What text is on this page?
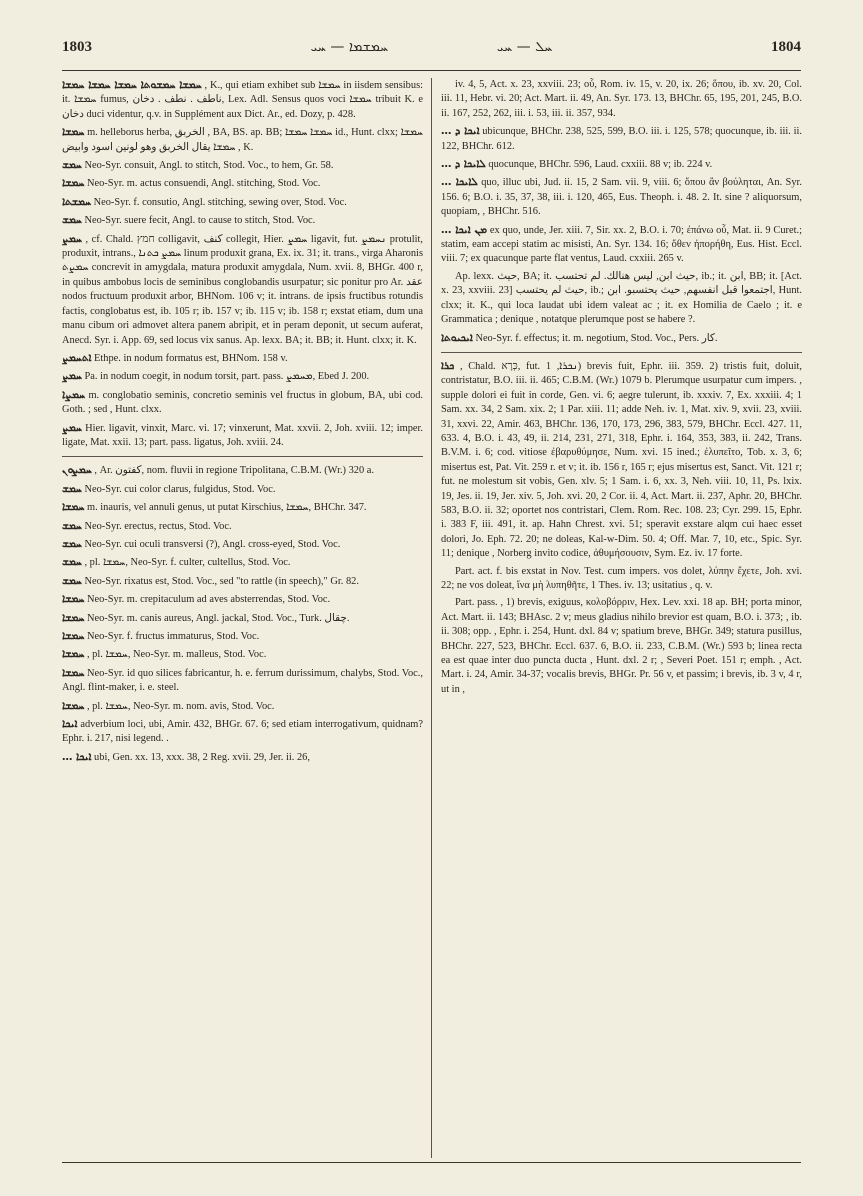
1803	ܚܡܫܡܐ — ܚܝ	ܚܠ — ܚܝ	1804

ܚܡܫܐ ܚܡܫܘܬܐ ܚܡܫܐ ܚܡܫܐ ܚܡܫܐ , K., qui etiam exhibet sub ܚܡܫܐ in iisdem sensibus: it. ܚܡܫܐ fumus, ناطف . نطف . دخان, Lex. Adl. Sensus quos voci ܚܡܫܐ tribuit K. e دخان duci videntur, q.v. in Supplément aux Dict. Ar., ed. Dozy, p. 428.

ܚܡܫܐ m. helleborus herba, الخربق , BA, BS. ap. BB; ܚܡܫܐ ܚܡܫܐ id., Hunt. clxx; ܚܡܫܐ ܚܡܫܐ يقال الخربق وهو لونين اسود وابيض , K.

ܚܡܫ Neo-Syr. consuit, Angl. to stitch, Stod. Voc., to hem, Gr. 58.

ܚܡܫܐ Neo-Syr. m. actus consuendi, Angl. stitching, Stod. Voc.

ܚܡܫܬܐ Neo-Syr. f. consutio, Angl. stitching, sewing over, Stod. Voc.

ܚܡܫ Neo-Syr. suere fecit, Angl. to cause to stitch, Stod. Voc.

ܚܡܨ , cf. Chald. חמץ colligavit, كنف collegit, Hier. ܚܡܨ ligavit, fut. ܢܚܡܨ protulit, produxit, intrans., ܚܡܨ ܟܬܢܐ linum produxit grana, Ex. ix. 31; it. trans., virga Aharonis ܚܡܨܬ concrevit in amygdala, matura produxit amygdala, Num. xvii. 8, BHGr. 400 r, in quibus ambobus locis de seminibus conglobandis usurpatur; sic ponitur pro Ar. عقد nodos fructuum produxit arbor, BHNom. 106 v; it. intrans. de ipsis fructibus rotundis factis, conglobatus est, ib. 105 r; ib. 157 v; ib. 115 v; ib. 158 r; exstat etiam, dum una manu cibum ori admovet altera panem abripit, et in peram deponit, ut secum auferat, Anecd. Syr. i. App. 69, sed locus vix sanus. Ap. lexx. BA; it. BB; it. Hunt. clxx; it. K.

ܐܬܚܡܨ Ethpe. in nodum formatus est, BHNom. 158 v.

ܚܡܨ Pa. in nodum coegit, in nodum torsit, part. pass. ܡܚܡܨ, Ebed J. 200.

ܚܡܨܐ m. conglobatio seminis, concretio seminis vel fructus in globum, BA, ubi cod. Goth. ; sed , Hunt. clxx.

ܚܡܨ Hier. ligavit, vinxit, Marc. vi. 17; vinxerunt, Mat. xxvii. 2, Joh. xviii. 12; imper. ligate, Mat. xxii. 13; part. pass. ligatus, Joh. xviii. 24.

ܚܡܨܘܢ , Ar. كفتون, nom. fluvii in regione Tripolitana, C.B.M. (Wr.) 320 a.

ܚܡܫ Neo-Syr. cui color clarus, fulgidus, Stod. Voc.

ܚܡܫܐ m. inauris, vel annuli genus, ut putat Kirschius, ܚܡܫܐ, BHChr. 347.

ܚܡܫ Neo-Syr. erectus, rectus, Stod. Voc.

ܚܡܫ Neo-Syr. cui oculi transversi (?), Angl. cross-eyed, Stod. Voc.

ܚܡܫ , pl. ܚܡܫܐ, Neo-Syr. f. culter, cultellus, Stod. Voc.

ܚܡܫ Neo-Syr. rixatus est, Stod. Voc., sed "to rattle (in speech)," Gr. 82.

ܚܡܫܐ Neo-Syr. m. crepitaculum ad aves absterrendas, Stod. Voc.

ܚܡܫܐ Neo-Syr. m. canis aureus, Angl. jackal, Stod. Voc., Turk. چقال.

ܚܡܫܐ Neo-Syr. f. fructus immaturus, Stod. Voc.

ܚܡܫܐ , pl. ܚܡܫܐ, Neo-Syr. m. malleus, Stod. Voc.

ܚܡܫܐ Neo-Syr. id quo silices fabricantur, h. e. ferrum durissimum, chalybs, Stod. Voc., Angl. flint-maker, i. e. steel.

ܚܡܫܐ , pl. ܚܡܫܐ, Neo-Syr. m. nom. avis, Stod. Voc.

ܐܝܟܐ adverbium loci, ubi, Amir. 432, BHGr. 67. 6; sed etiam interrogativum, quidnam? Ephr. i. 217, nisi legend. .

… ܐܝܟܐ ubi, Gen. xx. 13, xxx. 38, 2 Reg. xvii. 29, Jer. ii. 26,

iv. 4, 5, Act. x. 23, xxviii. 23; οὗ, Rom. iv. 15, v. 20, ix. 26; ὅπου, ib. xv. 20, Col. iii. 11, Hebr. vi. 20; Act. Mart. ii. 49, An. Syr. 173. 13, BHChr. 65, 195, 201, 245, B.O. ii. 167, 252, 262, iii. i. 53, iii. ii. 357, 934.

… ܐܝܟܐ ܕ ubicunque, BHChr. 238, 525, 599, B.O. iii. i. 125, 578; quocunque, ib. iii. ii. 122, BHChr. 612.

… ܠܐܝܟܐ ܕ quocunque, BHChr. 596, Laud. cxxiii. 88 v; ib. 224 v.

… ܠܐܝܟܐ quo, illuc ubi, Jud. ii. 15, 2 Sam. vii. 9, viii. 6; ὅπου ἂν βούληται, An. Syr. 156. 6; B.O. i. 35, 37, 38, iii. i. 120, 465, Eus. Theoph. i. 48. 2. It. sine ? aliquorsum, quopiam, , BHChr. 516.

… ܡܢ ܐܝܟܐ ex quo, unde, Jer. xiii. 7, Sir. xx. 2, B.O. i. 70; ἐπάνω οὗ, Mat. ii. 9 Curet.; statim, eam accepi statim ac misisti, An. Syr. 134. 16; ὅθεν ἠπορήθη, Eus. Hist. Eccl. viii. 7; ex quacunque parte flat ventus, Laud. cxxiii. 265 v.

Ap. lexx. حيث, BA; it. حيث ابن, ليس هنالك. لم تحتسب, ib.; it. ابن, BB; it. [Act. x. 23, xxviii. 23] حيث لم يحتسب, ib.; اجتمعوا قبل انفسهم, حيث يحتسبو. ابن, Hunt. clxx; it. K., qui loca laudat ubi idem valeat ac ; it. ex Homilia de Caelo ; it. e Grammatica ; denique , notatque plerumque post se habere ?.

ܐܝܟܝܘܬܐ Neo-Syr. f. effectus; it. m. negotium, Stod. Voc., Pers. كار.

ܟܪܐ , Chald. כְּרָא, fut. ܢܟܪܐ, 1) brevis fuit, Ephr. iii. 359. 2) tristis fuit, doluit, contristatur, B.O. iii. ii. 465; C.B.M. (Wr.) 1079 b. Plerumque usurpatur cum impers. , supple dolori ei fuit in corde, Gen. vi. 6; aegre tulerunt, ib. xxxiv. 7, Ex. xxxiii. 4; 1 Sam. xx. 34, 2 Sam. xix. 2; 1 Par. xiii. 11; adde Neh. iv. 1, Mat. xiv. 9, xvii. 23, xviii. 31, xxvi. 22, Amir. 463, BHChr. 136, 170, 173, 296, 383, 579, BHChr. Eccl. 427. 11, 633. 4, B.O. i. 43, 49, ii. 214, 231, 271, 318, Ephr. i. 164, 353, 383, ii. 242, Trans. B.V.M. i. 6; cod. vitiose ἐβαρυθύμησε, Num. xvi. 15 ined.; ἐλυπεῖτο, Tob. x. 3, 6; misertus est, Pat. Vit. 259 r. et v; it. ib. 156 r, 165 r; ejus misertus est, Sanct. Vit. 121 r; fut. ne molestum sit vobis, Gen. xlv. 5; 1 Sam. i. 6, xx. 3, Neh. viii. 10, 11, Ps. lxix. 19, Jes. ii. 19, Jer. xiv. 5, Joh. xvi. 20, 2 Cor. ii. 4, Act. Mart. ii. 237, Aphr. 20, BHChr. 583, B.O. ii. 32; oportet nos contristari, Clem. Rom. Rec. 108. 23; Cyr. 299. 15, Ephr. i. 383 F, iii. 491, it. ap. Hahn Chrest. xvi. 51; speravit exstare alqm cui haec esset dolori, Jo. Eph. 72. 20; ne doleas, Kal-w-Dim. 50. 4; Off. Mar. 7, 10, etc., Spic. Syr. 11; denique , Norberg invito codice, ἀθυμήσουσιν, Sym. Ez. iv. 17 forte.

Part. act. f. bis exstat in Nov. Test. cum impers. vos dolet, λύπην ἔχετε, Joh. xvi. 22; ne vos doleat, ἵνα μὴ λυπηθῆτε, 1 Thes. iv. 13; usitatius , q. v.

Part. pass. , 1) brevis, exiguus, κολοβόρριν, Hex. Lev. xxi. 18 ap. BH; porta minor, Act. Mart. ii. 143; BHAsc. 2 v; meus gladius nihilo brevior est quam, B.O. i. 373; , ib. ii. 308; opp. , Ephr. i. 254, Hunt. dxl. 84 v; spatium breve, BHGr. 349; statura pusillus, BHChr. 227, 523, BHChr. Eccl. 637. 6, B.O. ii. 233, C.B.M. (Wr.) 593 b; linea recta ea est quae inter duo puncta ducta , Hunt. dxl. 2 r; , Severi Poet. 151 r; emph. , Act. Mart. i. 24, Amir. 34-37; vocalis brevis, BHGr. Pr. 56 v, et passim; i brevis, ib. 3 v, 4 r, ut in ,
